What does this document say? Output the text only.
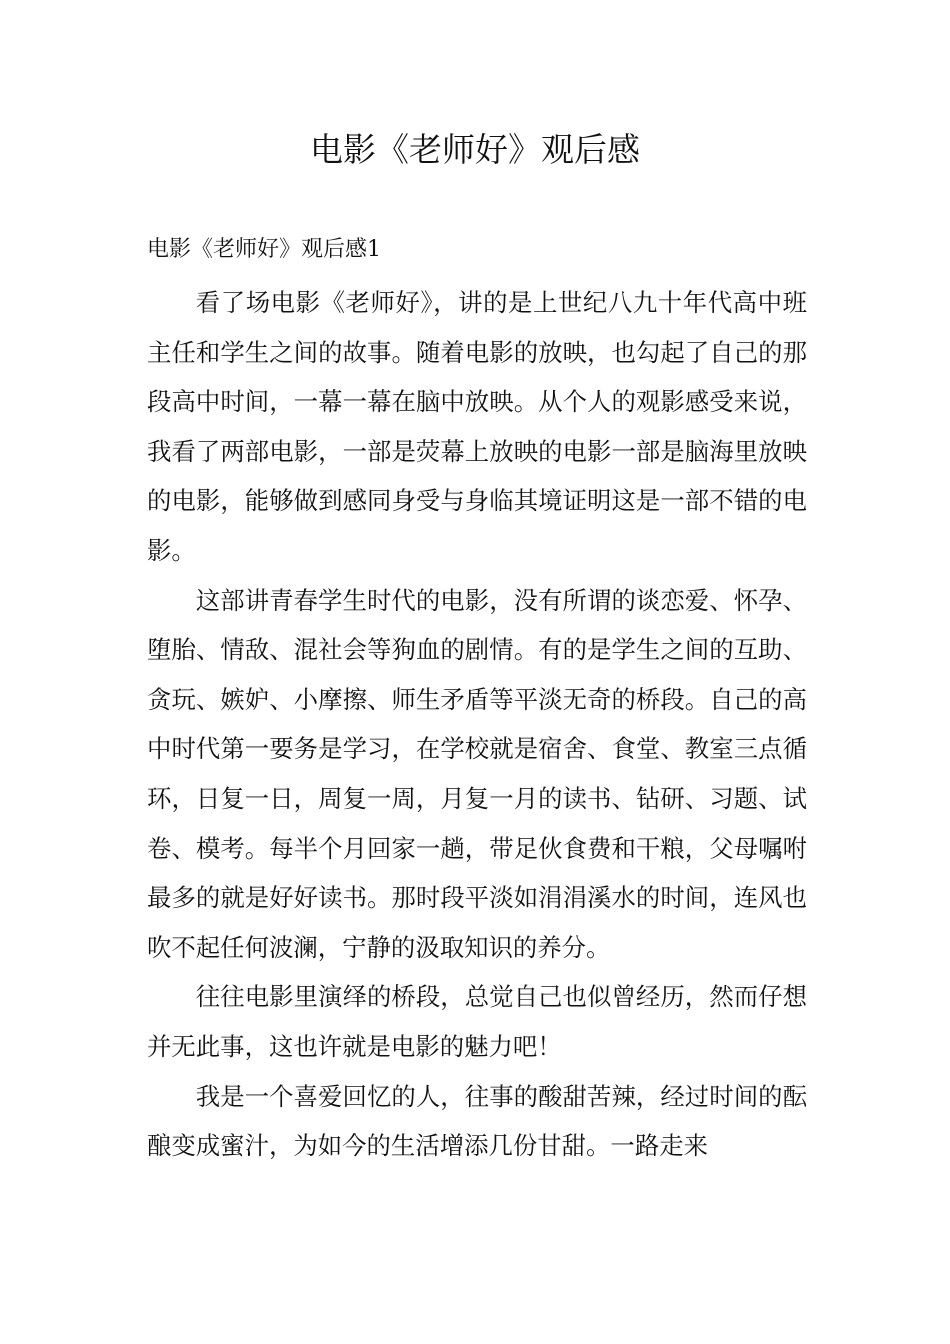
电影《老师好》观后感

电影《老师好》观后感1

看了场电影《老师好》，讲的是上世纪八九十年代高中班主任和学生之间的故事。随着电影的放映，也勾起了自己的那段高中时间，一幕一幕在脑中放映。从个人的观影感受来说，我看了两部电影，一部是荧幕上放映的电影一部是脑海里放映的电影，能够做到感同身受与身临其境证明这是一部不错的电影。

这部讲青春学生时代的电影，没有所谓的谈恋爱、怀孕、堕胎、情敌、混社会等狗血的剧情。有的是学生之间的互助、贪玩、嫉妒、小摩擦、师生矛盾等平淡无奇的桥段。自己的高中时代第一要务是学习，在学校就是宿舍、食堂、教室三点循环，日复一日，周复一周，月复一月的读书、钻研、习题、试卷、模考。每半个月回家一趟，带足伙食费和干粮，父母嘱咐最多的就是好好读书。那时段平淡如涓涓溪水的时间，连风也吹不起任何波澜，宁静的汲取知识的养分。

往往电影里演绎的桥段，总觉自己也似曾经历，然而仔想并无此事，这也许就是电影的魅力吧！

我是一个喜爱回忆的人，往事的酸甜苦辣，经过时间的酝酿变成蜜汁，为如今的生活增添几份甘甜。一路走来
